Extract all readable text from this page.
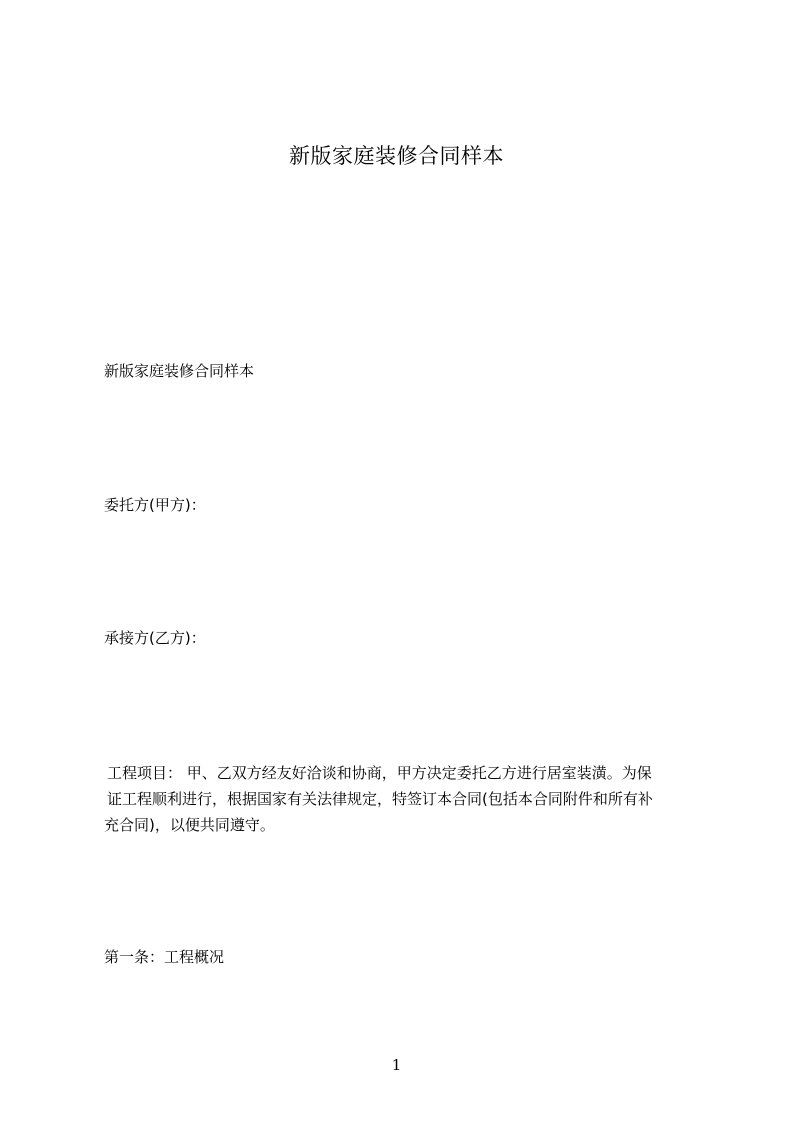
新版家庭装修合同样本
新版家庭装修合同样本
委托方(甲方)：
承接方(乙方)：
工程项目： 甲、乙双方经友好洽谈和协商，甲方决定委托乙方进行居室装潢。为保
证工程顺利进行，根据国家有关法律规定，特签订本合同(包括本合同附件和所有补
充合同)，以便共同遵守。
第一条：工程概况
1
